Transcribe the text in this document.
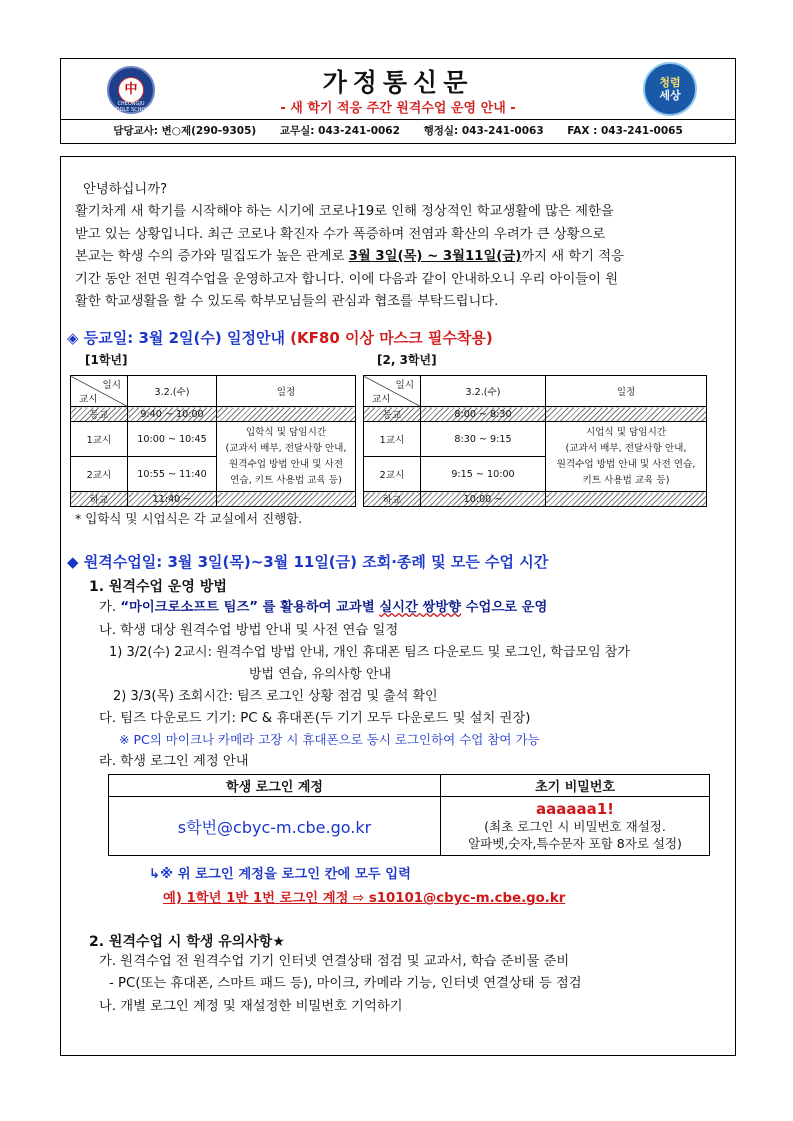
中
CHEONGJU MIDDLE SCHOOL
가정통신문
- 새 학기 적응 주간 원격수업 운영 안내 -
청렴
세상
담당교사: 변○제(290-9305) 교무실: 043-241-0062 행정실: 043-241-0063 FAX : 043-241-0065
안녕하십니까?
활기차게 새 학기를 시작해야 하는 시기에 코로나19로 인해 정상적인 학교생활에 많은 제한을
받고 있는 상황입니다. 최근 코로나 확진자 수가 폭증하며 전염과 확산의 우려가 큰 상황으로
본교는 학생 수의 증가와 밀집도가 높은 관계로 3월 3일(목) ~ 3월11일(금)까지 새 학기 적응
기간 동안 전면 원격수업을 운영하고자 합니다. 이에 다음과 같이 안내하오니 우리 아이들이 원
활한 학교생활을 할 수 있도록 학부모님들의 관심과 협조를 부탁드립니다.
◈ 등교일: 3월 2일(수) 일정안내 (KF80 이상 마스크 필수착용)
[1학년]	[2, 3학년]
일시
교시	3.2.(수)	일정
등교	9:40 ~ 10:00	
1교시	10:00 ~ 10:45	입학식 및 담임시간
(교과서 배부, 전달사항 안내,
원격수업 방법 안내 및 사전
연습, 키트 사용법 교육 등)

2교시	10:55 ~ 11:40	
하교	11:40 ~	
일시
교시	3.2.(수)	일정
등교	8:00 ~ 8:30	
1교시	8:30 ~ 9:15	시업식 및 담임시간
(교과서 배부, 전달사항 안내,
원격수업 방법 안내 및 사전 연습,
키트 사용법 교육 등)

2교시	9:15 ~ 10:00	
하교	10:00 ~	
* 입학식 및 시업식은 각 교실에서 진행함.
◆ 원격수업일: 3월 3일(목)~3월 11일(금) 조회·종례 및 모든 수업 시간
1. 원격수업 운영 방법
가. “마이크로소프트 팀즈” 를 활용하여 교과별 실시간 쌍방향 수업으로 운영
나. 학생 대상 원격수업 방법 안내 및 사전 연습 일정
1) 3/2(수) 2교시: 원격수업 방법 안내, 개인 휴대폰 팀즈 다운로드 및 로그인, 학급모임 참가
방법 연습, 유의사항 안내
2) 3/3(목) 조회시간: 팀즈 로그인 상황 점검 및 출석 확인
다. 팀즈 다운로드 기기: PC & 휴대폰(두 기기 모두 다운로드 및 설치 권장)
※ PC의 마이크나 카메라 고장 시 휴대폰으로 동시 로그인하여 수업 참여 가능
라. 학생 로그인 계정 안내
학생 로그인 계정	초기 비밀번호
s학번@cbyc-m.cbe.go.kr	aaaaaa1!
(최초 로그인 시 비밀번호 재설정.
알파벳,숫자,특수문자 포함 8자로 설정)
↳※ 위 로그인 계정을 로그인 칸에 모두 입력
예) 1학년 1반 1번 로그인 계정 ⇨ s10101@cbyc-m.cbe.go.kr
2. 원격수업 시 학생 유의사항★
가. 원격수업 전 원격수업 기기 인터넷 연결상태 점검 및 교과서, 학습 준비물 준비
- PC(또는 휴대폰, 스마트 패드 등), 마이크, 카메라 기능, 인터넷 연결상태 등 점검
나. 개별 로그인 계정 및 재설정한 비밀번호 기억하기
